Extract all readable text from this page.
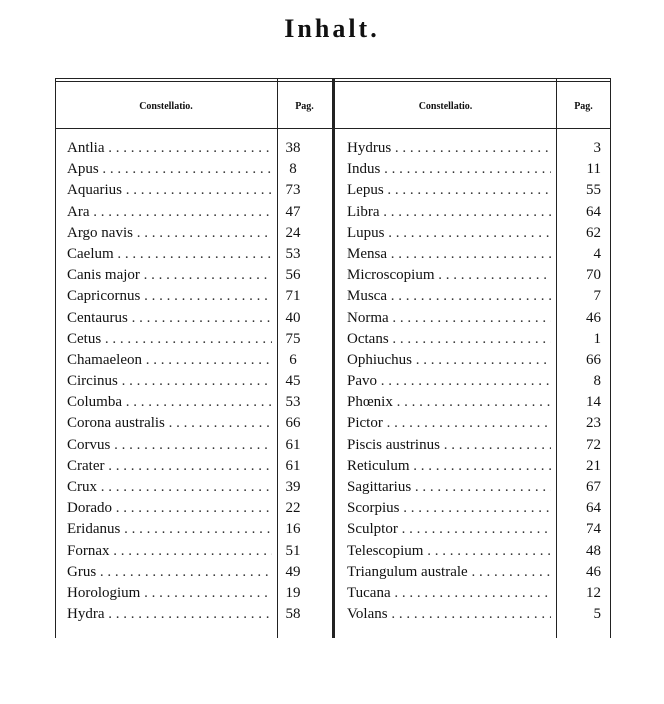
Inhalt.
Constellatio.	Pag.	Constellatio.	Pag.
Antlia . . .	38
Apus . . .	8
Aquarius . . .	73
Ara . . .	47
Argo navis . . .	24
Caelum . . .	53
Canis major . . .	56
Capricornus . . .	71
Centaurus . . .	40
Cetus . . .	75
Chamaeleon . . .	6
Circinus . . .	45
Columba . . .	53
Corona australis . . .	66
Corvus . . .	61
Crater . . .	61
Crux . . .	39
Dorado . . .	22
Eridanus . . .	16
Fornax . . .	51
Grus . . .	49
Horologium . . .	19
Hydra . . .	58
Hydrus . . .	3
Indus . . .	11
Lepus . . .	55
Libra . . .	64
Lupus . . .	62
Mensa . . .	4
Microscopium . . .	70
Musca . . .	7
Norma . . .	46
Octans . . .	1
Ophiuchus . . .	66
Pavo . . .	8
Phœnix . . .	14
Pictor . . .	23
Piscis austrinus . . .	72
Reticulum . . .	21
Sagittarius . . .	67
Scorpius . . .	64
Sculptor . . .	74
Telescopium . . .	48
Triangulum australe . . .	46
Tucana . . .	12
Volans . . .	5
